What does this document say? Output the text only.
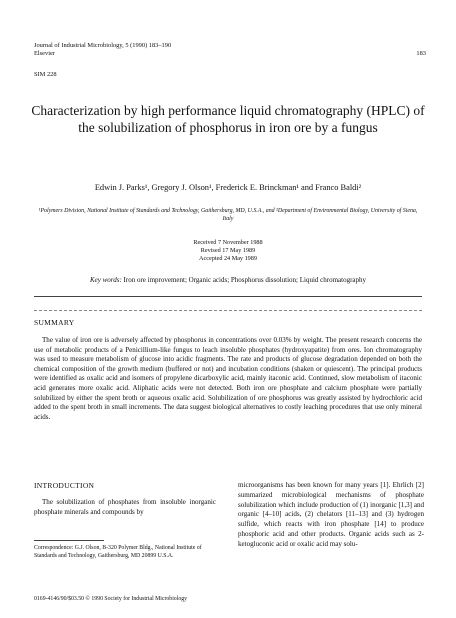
Journal of Industrial Microbiology, 5 (1990) 183–190
Elsevier	183
SIM 228
Characterization by high performance liquid chromatography (HPLC) of the solubilization of phosphorus in iron ore by a fungus
Edwin J. Parks¹, Gregory J. Olson¹, Frederick E. Brinckman¹ and Franco Baldi²
¹Polymers Division, National Institute of Standards and Technology, Gaithersburg, MD, U.S.A., and ²Department of Environmental Biology, University of Siena, Italy
Received 7 November 1988
Revised 17 May 1989
Accepted 24 May 1989
Key words: Iron ore improvement; Organic acids; Phosphorus dissolution; Liquid chromatography
SUMMARY
The value of iron ore is adversely affected by phosphorus in concentrations over 0.03% by weight. The present research concerns the use of metabolic products of a Penicillium-like fungus to leach insoluble phosphates (hydroxyapatite) from ores. Ion chromatography was used to measure metabolism of glucose into acidic fragments. The rate and products of glucose degradation depended on both the chemical composition of the growth medium (buffered or not) and incubation conditions (shaken or quiescent). The principal products were identified as oxalic acid and isomers of propylene dicarboxylic acid, mainly itaconic acid. Continued, slow metabolism of itaconic acid generates more oxalic acid. Aliphatic acids were not detected. Both iron ore phosphate and calcium phosphate were partially solubilized by either the spent broth or aqueous oxalic acid. Solubilization of ore phosphorus was greatly assisted by hydrochloric acid added to the spent broth in small increments. The data suggest biological alternatives to costly leaching procedures that use only mineral acids.
INTRODUCTION
The solubilization of phosphates from insoluble inorganic phosphate minerals and compounds by
microorganisms has been known for many years [1]. Ehrlich [2] summarized microbiological mechanisms of phosphate solubilization which include production of (1) inorganic [1,3] and organic [4–10] acids, (2) chelators [11–13] and (3) hydrogen sulfide, which reacts with iron phosphate [14] to produce phosphoric acid and other products. Organic acids such as 2-ketogluconic acid or oxalic acid may solu-
Correspondence: G.J. Olson, B-320 Polymer Bldg., National Institute of Standards and Technology, Gaithersburg, MD 20899 U.S.A.
0169-4146/90/$03.50 © 1990 Society for Industrial Microbiology
